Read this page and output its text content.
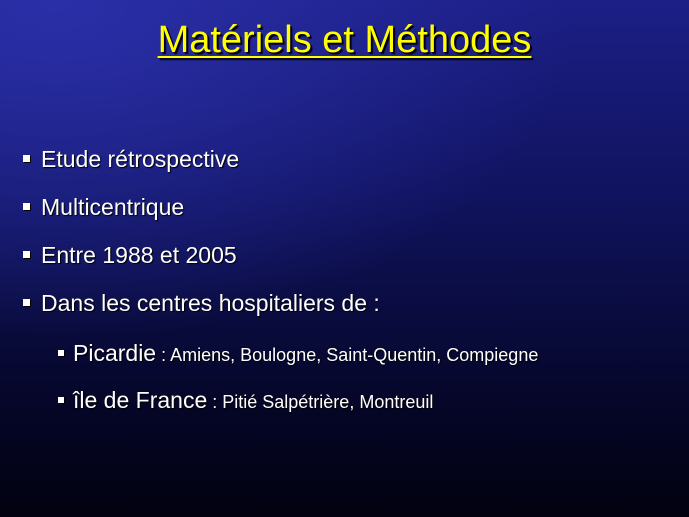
Matériels et Méthodes
Etude rétrospective
Multicentrique
Entre 1988 et 2005
Dans les centres hospitaliers de :
Picardie : Amiens, Boulogne, Saint-Quentin, Compiegne
île de France : Pitié Salpétrière, Montreuil
